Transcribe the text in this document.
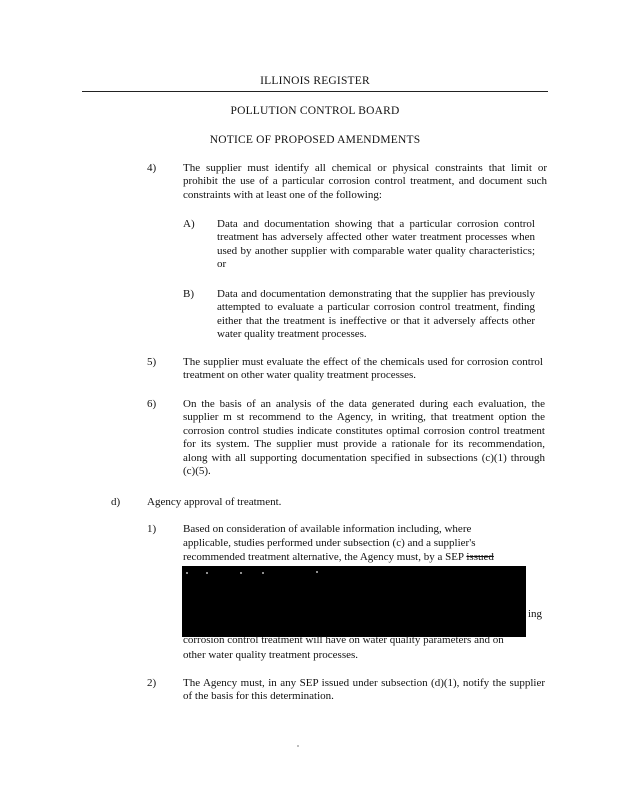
ILLINOIS REGISTER
POLLUTION CONTROL BOARD
NOTICE OF PROPOSED AMENDMENTS
4) The supplier must identify all chemical or physical constraints that limit or prohibit the use of a particular corrosion control treatment, and document such constraints with at least one of the following:
A) Data and documentation showing that a particular corrosion control treatment has adversely affected other water treatment processes when used by another supplier with comparable water quality characteristics; or
B) Data and documentation demonstrating that the supplier has previously attempted to evaluate a particular corrosion control treatment, finding either that the treatment is ineffective or that it adversely affects other water quality treatment processes.
5) The supplier must evaluate the effect of the chemicals used for corrosion control treatment on other water quality treatment processes.
6) On the basis of an analysis of the data generated during each evaluation, the supplier m st recommend to the Agency, in writing, that treatment option the corrosion control studies indicate constitutes optimal corrosion control treatment for its system. The supplier must provide a rationale for its recommendation, along with all supporting documentation specified in subsections (c)(1) through (c)(5).
d) Agency approval of treatment.
1) Based on consideration of available information including, where
applicable, studies performed under subsection (c) and a supplier's
recommended treatment alternative, the Agency must, by a SEP issued
ing
corrosion control treatment will have on water quality parameters and on
other water quality treatment processes.
2) The Agency must, in any SEP issued under subsection (d)(1), notify the supplier of the basis for this determination.
